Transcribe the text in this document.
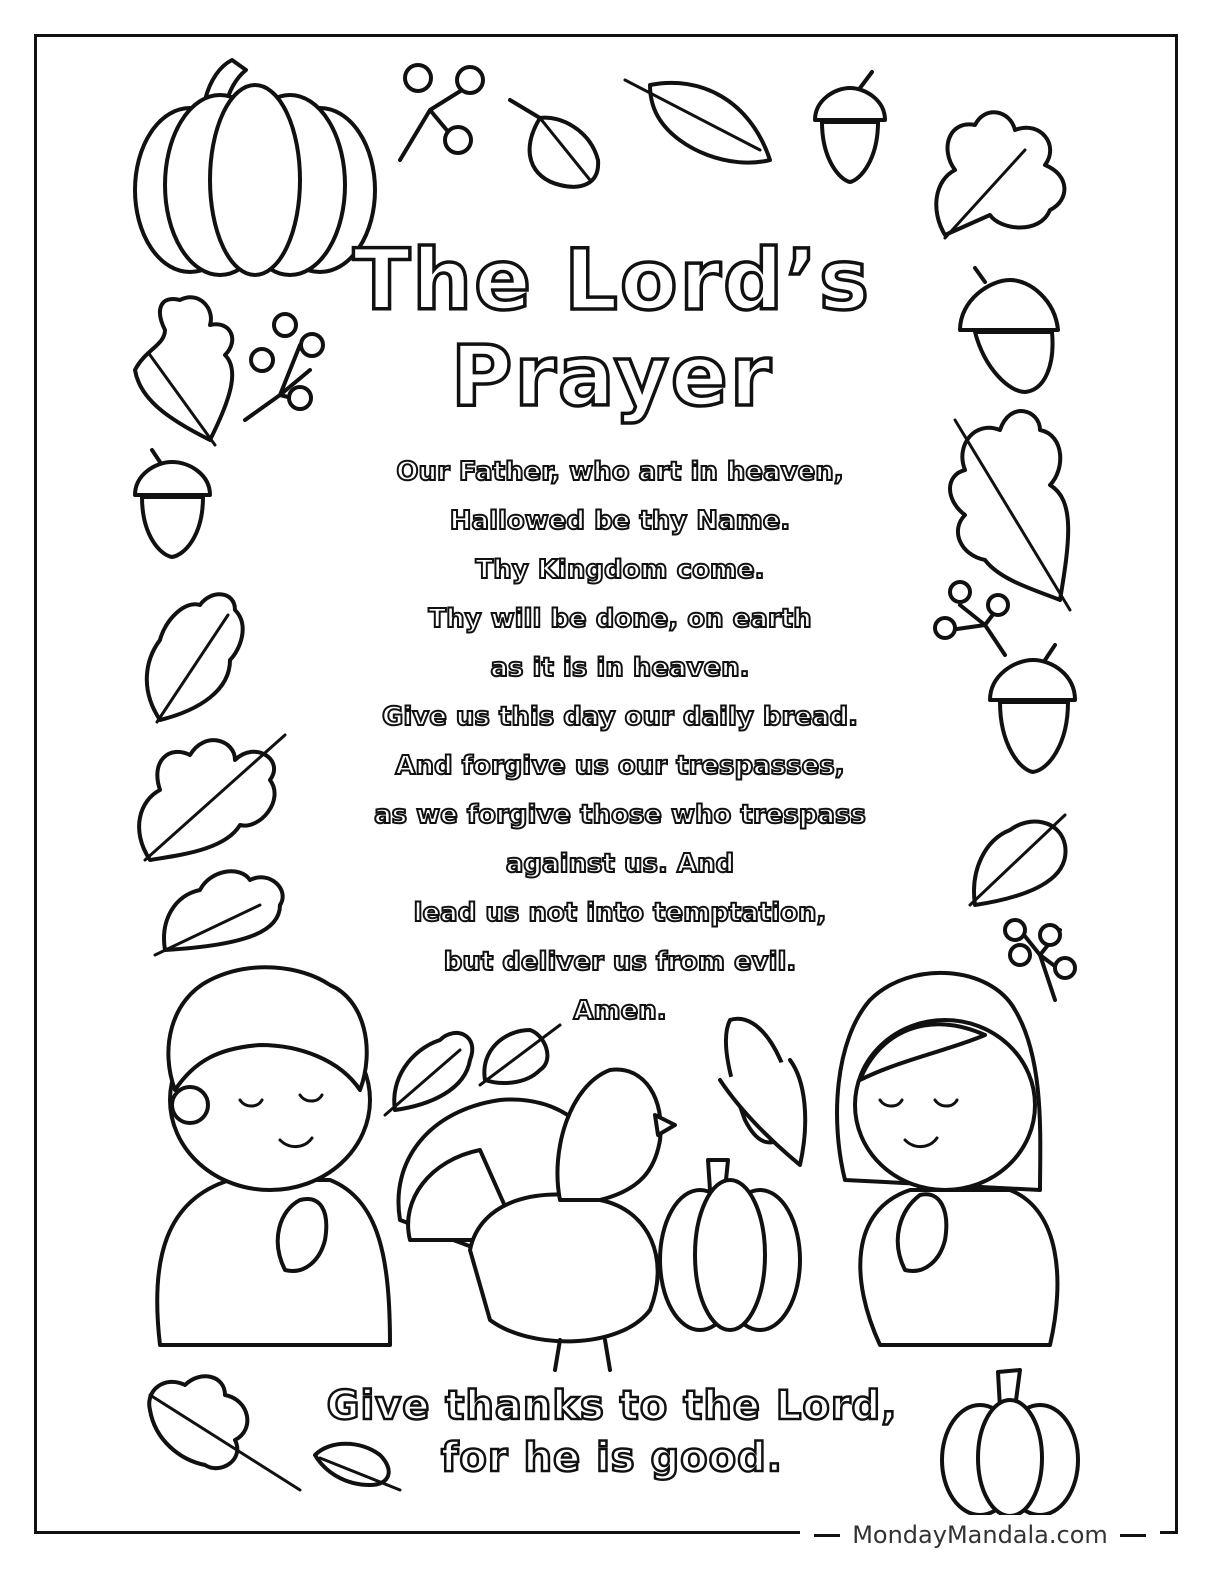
The Lord’s
Prayer
Our Father, who art in heaven,
Hallowed be thy Name.
Thy Kingdom come.
Thy will be done, on earth
as it is in heaven.
Give us this day our daily bread.
And forgive us our trespasses,
as we forgive those who trespass
against us. And
lead us not into temptation,
but deliver us from evil.
Amen.
Give thanks to the Lord,
for he is good.
MondayMandala.com
